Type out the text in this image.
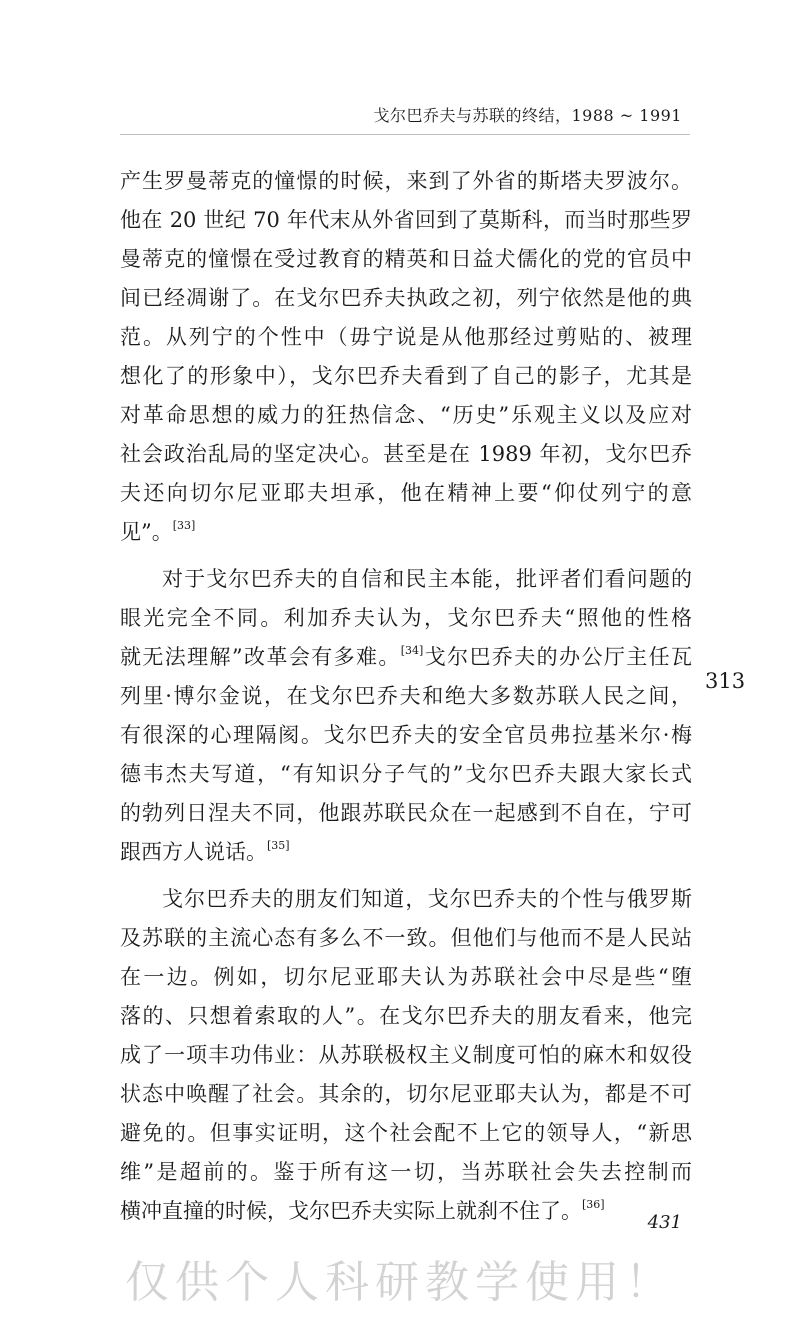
戈尔巴乔夫与苏联的终结，1988 ~ 1991
产生罗曼蒂克的憧憬的时候，来到了外省的斯塔夫罗波尔。
他在 20 世纪 70 年代末从外省回到了莫斯科，而当时那些罗
曼蒂克的憧憬在受过教育的精英和日益犬儒化的党的官员中
间已经凋谢了。在戈尔巴乔夫执政之初，列宁依然是他的典
范。从列宁的个性中（毋宁说是从他那经过剪贴的、被理
想化了的形象中），戈尔巴乔夫看到了自己的影子，尤其是
对革命思想的威力的狂热信念、“历史”乐观主义以及应对
社会政治乱局的坚定决心。甚至是在 1989 年初，戈尔巴乔
夫还向切尔尼亚耶夫坦承，他在精神上要“仰仗列宁的意
见”。[33]
对于戈尔巴乔夫的自信和民主本能，批评者们看问题的
眼光完全不同。利加乔夫认为，戈尔巴乔夫“照他的性格
就无法理解”改革会有多难。[34]戈尔巴乔夫的办公厅主任瓦
列里·博尔金说，在戈尔巴乔夫和绝大多数苏联人民之间，
有很深的心理隔阂。戈尔巴乔夫的安全官员弗拉基米尔·梅
德韦杰夫写道，“有知识分子气的”戈尔巴乔夫跟大家长式
的勃列日涅夫不同，他跟苏联民众在一起感到不自在，宁可
跟西方人说话。[35]
戈尔巴乔夫的朋友们知道，戈尔巴乔夫的个性与俄罗斯
及苏联的主流心态有多么不一致。但他们与他而不是人民站
在一边。例如，切尔尼亚耶夫认为苏联社会中尽是些“堕
落的、只想着索取的人”。在戈尔巴乔夫的朋友看来，他完
成了一项丰功伟业：从苏联极权主义制度可怕的麻木和奴役
状态中唤醒了社会。其余的，切尔尼亚耶夫认为，都是不可
避免的。但事实证明，这个社会配不上它的领导人，“新思
维”是超前的。鉴于所有这一切，当苏联社会失去控制而
横冲直撞的时候，戈尔巴乔夫实际上就刹不住了。[36]
313
431
仅供个人科研教学使用！
